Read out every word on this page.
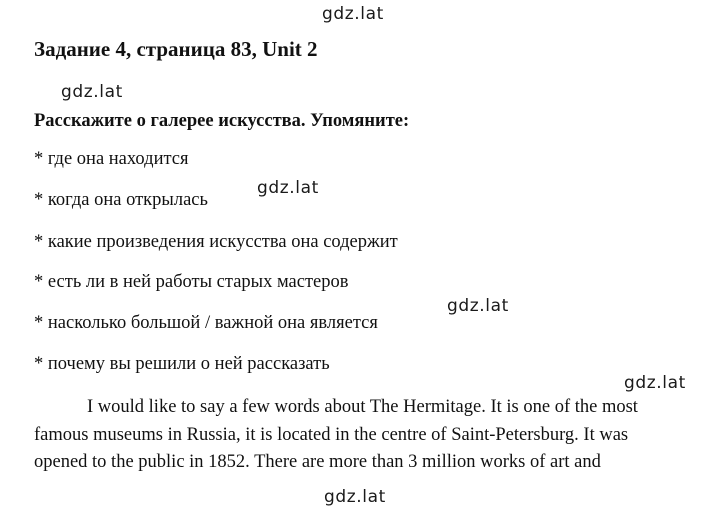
gdz.lat
Задание 4, страница 83, Unit 2
gdz.lat
Расскажите о галерее искусства. Упомяните:
* где она находится
gdz.lat
* когда она открылась
* какие произведения искусства она содержит
* есть ли в ней работы старых мастеров
gdz.lat
* насколько большой / важной она является
* почему вы решили о ней рассказать
gdz.lat
I would like to say a few words about The Hermitage. It is one of the most
famous museums in Russia, it is located in the centre of Saint-Petersburg. It was
opened to the public in 1852. There are more than 3 million works of art and
gdz.lat
